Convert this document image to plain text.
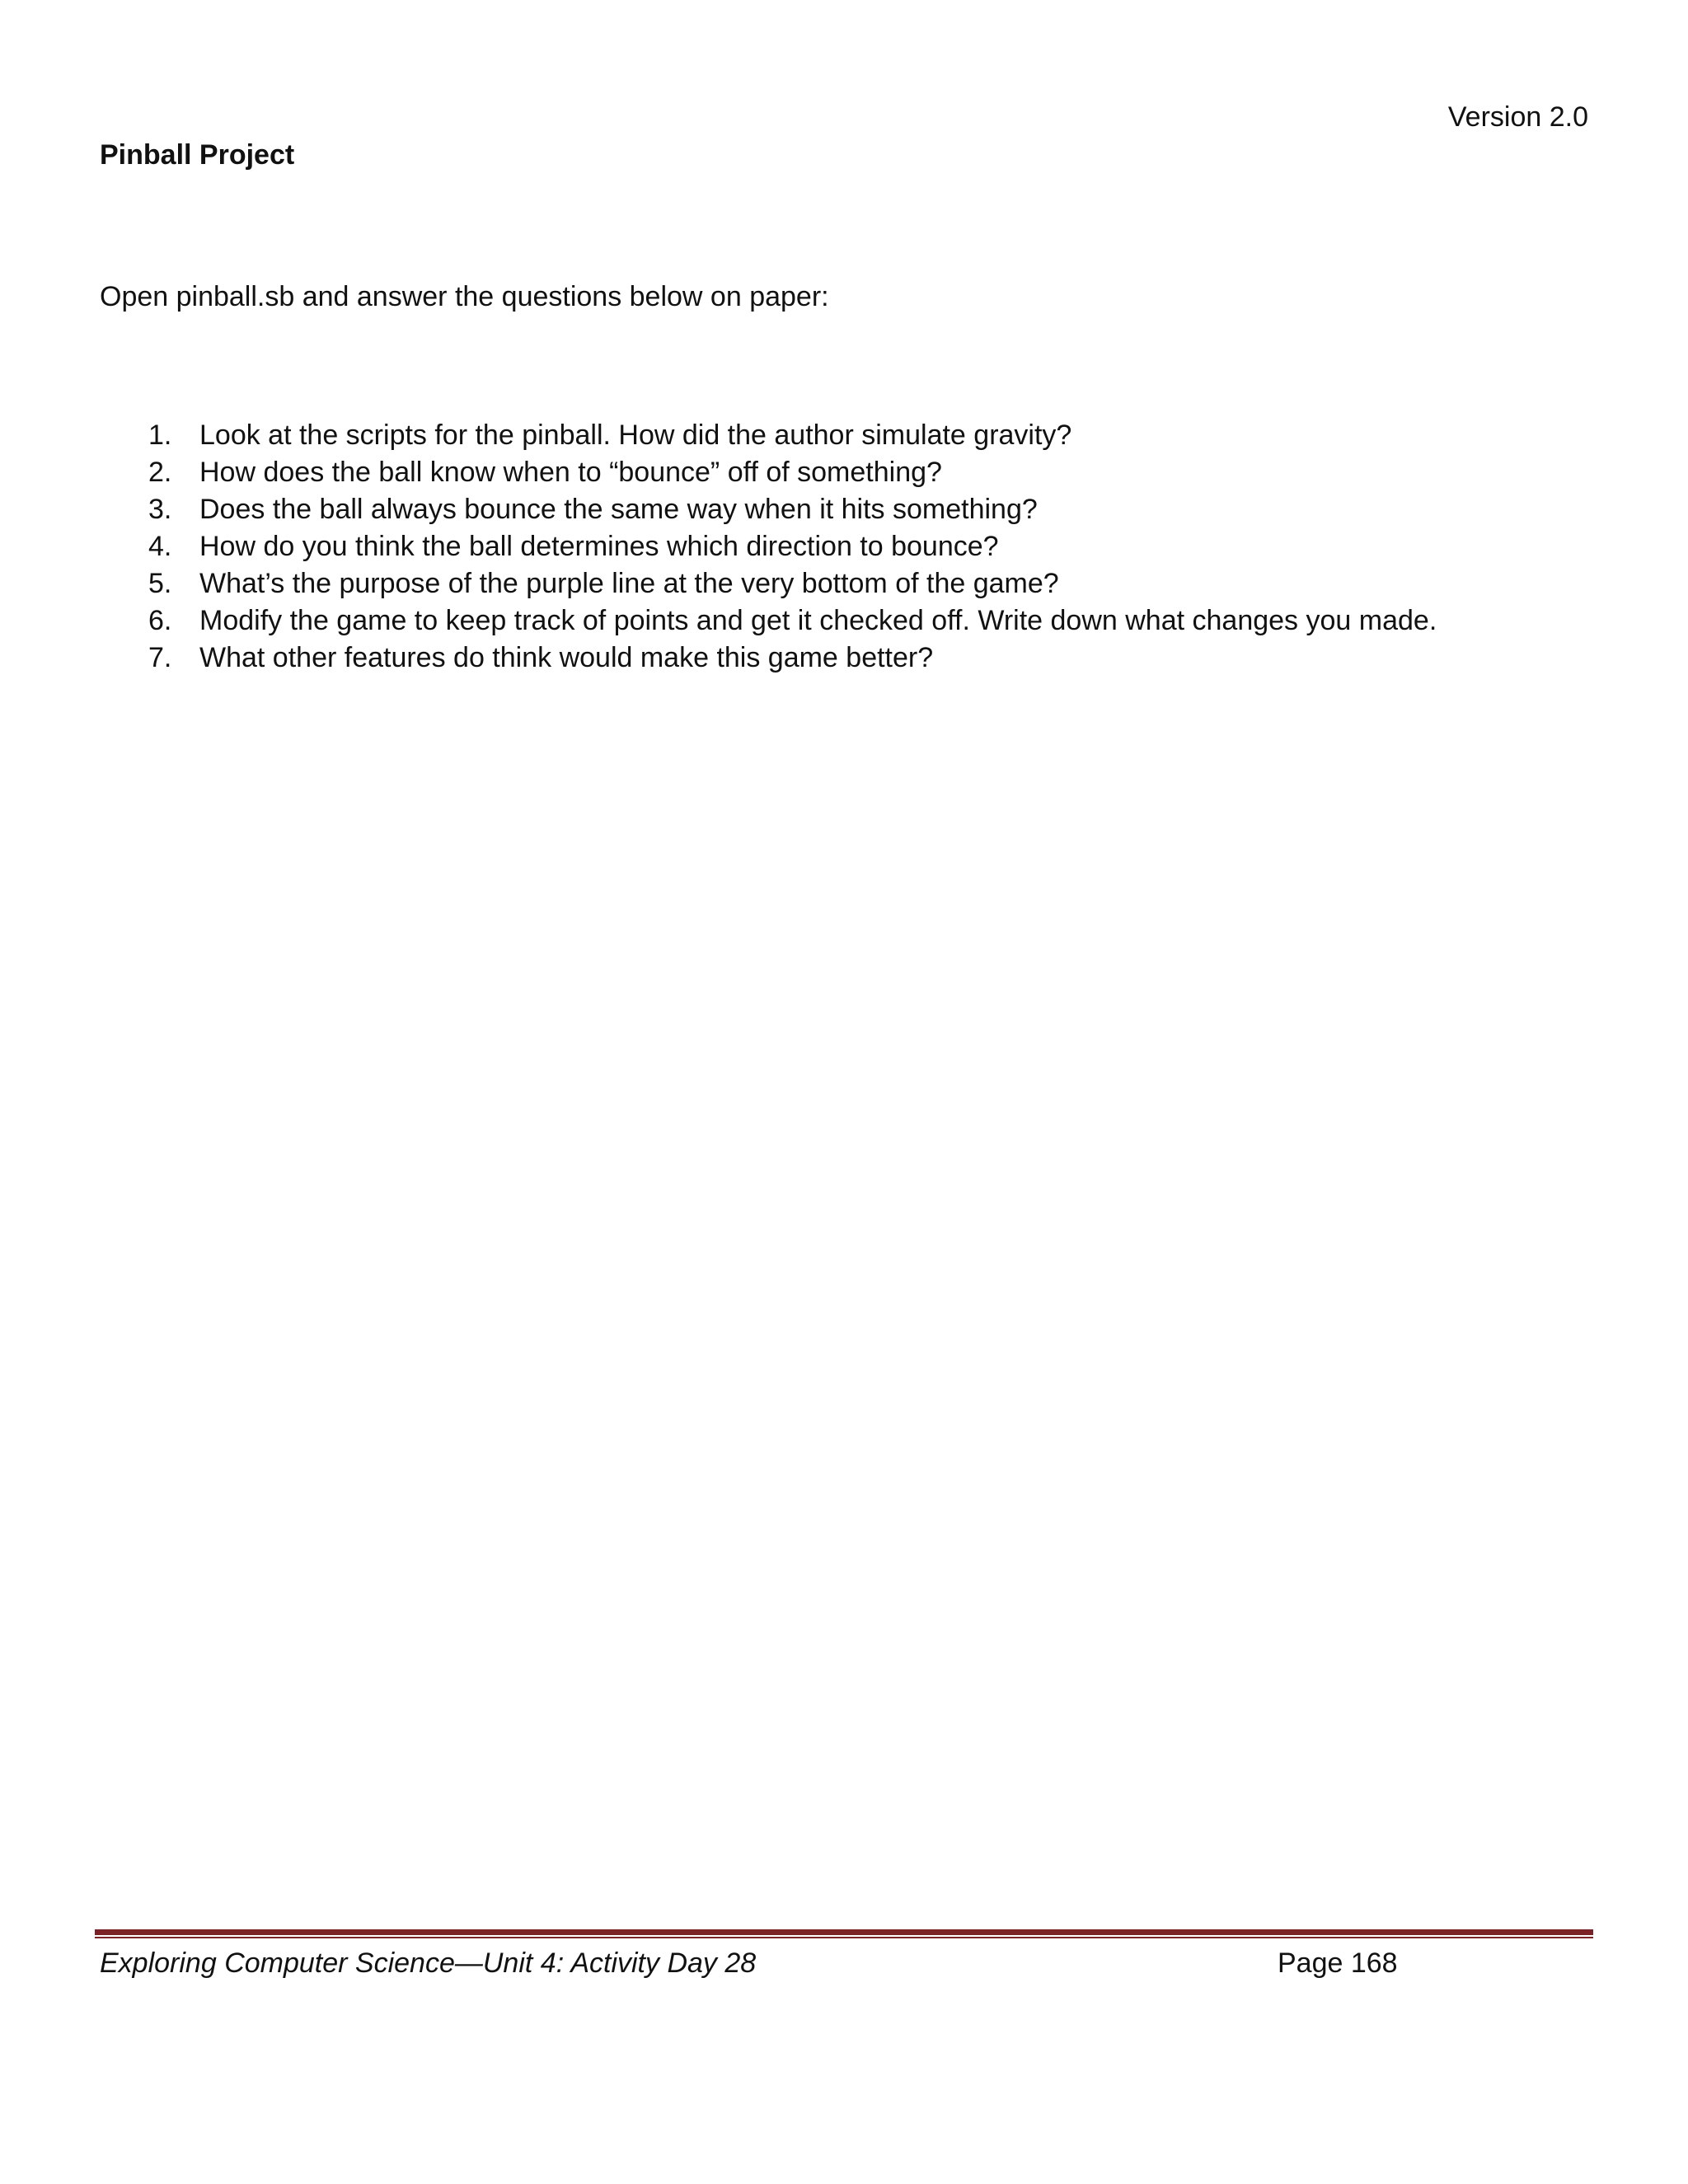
Version 2.0
Pinball Project
Open pinball.sb and answer the questions below on paper:
1. Look at the scripts for the pinball. How did the author simulate gravity?
2. How does the ball know when to “bounce” off of something?
3. Does the ball always bounce the same way when it hits something?
4. How do you think the ball determines which direction to bounce?
5. What’s the purpose of the purple line at the very bottom of the game?
6. Modify the game to keep track of points and get it checked off. Write down what changes you made.
7. What other features do think would make this game better?
Exploring Computer Science—Unit 4: Activity Day 28	Page 168
